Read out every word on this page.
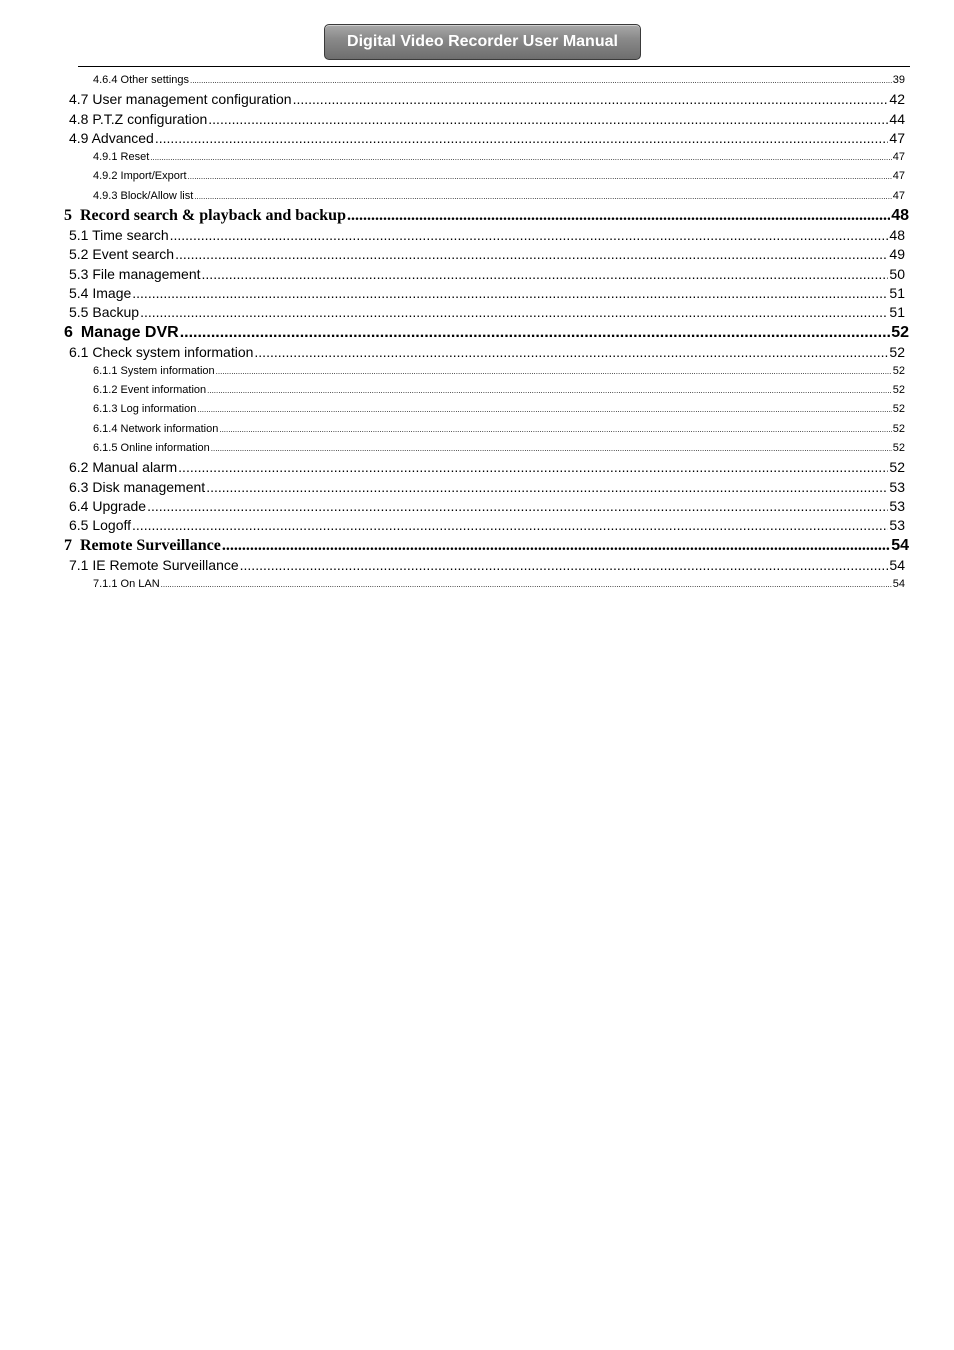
Digital Video Recorder User Manual
4.6.4 Other settings .....	39
4.7 User management configuration .....	42
4.8 P.T.Z configuration .....	44
4.9 Advanced .....	47
4.9.1 Reset .....	47
4.9.2 Import/Export .....	47
4.9.3 Block/Allow list .....	47
5 Record search & playback and backup .....	48
5.1 Time search .....	48
5.2 Event search .....	49
5.3 File management .....	50
5.4 Image .....	51
5.5 Backup .....	51
6 Manage DVR .....	52
6.1 Check system information .....	52
6.1.1 System information .....	52
6.1.2 Event information .....	52
6.1.3 Log information .....	52
6.1.4 Network information .....	52
6.1.5 Online information .....	52
6.2 Manual alarm .....	52
6.3 Disk management .....	53
6.4 Upgrade .....	53
6.5 Logoff .....	53
7 Remote Surveillance .....	54
7.1 IE Remote Surveillance .....	54
7.1.1 On LAN .....	54
